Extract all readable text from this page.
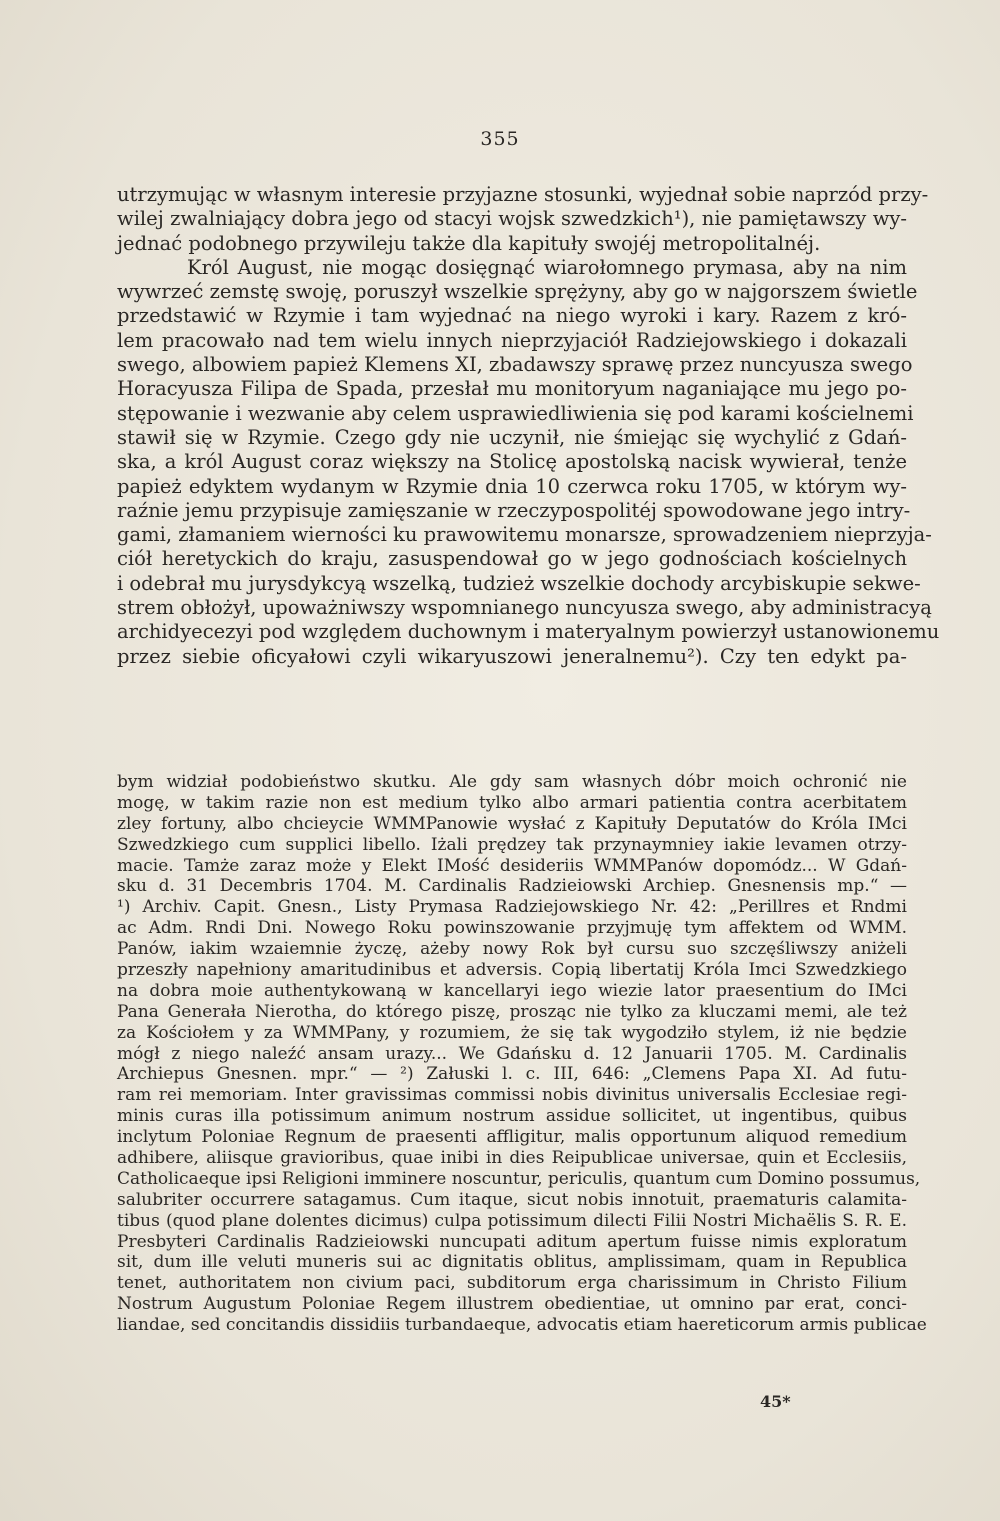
355
utrzymując w własnym interesie przyjazne stosunki, wyjednał sobie naprzód przy-
wilej zwalniający dobra jego od stacyi wojsk szwedzkich¹), nie pamiętawszy wy-
jednać podobnego przywileju także dla kapituły swojéj metropolitalnéj.
Król August, nie mogąc dosięgnąć wiarołomnego prymasa, aby na nim
wywrzeć zemstę swoję, poruszył wszelkie sprężyny, aby go w najgorszem świetle
przedstawić w Rzymie i tam wyjednać na niego wyroki i kary. Razem z kró-
lem pracowało nad tem wielu innych nieprzyjaciół Radziejowskiego i dokazali
swego, albowiem papież Klemens XI, zbadawszy sprawę przez nuncyusza swego
Horacyusza Filipa de Spada, przesłał mu monitoryum naganiające mu jego po-
stępowanie i wezwanie aby celem usprawiedliwienia się pod karami kościelnemi
stawił się w Rzymie. Czego gdy nie uczynił, nie śmiejąc się wychylić z Gdań-
ska, a król August coraz większy na Stolicę apostolską nacisk wywierał, tenże
papież edyktem wydanym w Rzymie dnia 10 czerwca roku 1705, w którym wy-
raźnie jemu przypisuje zamięszanie w rzeczypospolitéj spowodowane jego intry-
gami, złamaniem wierności ku prawowitemu monarsze, sprowadzeniem nieprzyja-
ciół heretyckich do kraju, zasuspendował go w jego godnościach kościelnych
i odebrał mu jurysdykcyą wszelką, tudzież wszelkie dochody arcybiskupie sekwe-
strem obłożył, upoważniwszy wspomnianego nuncyusza swego, aby administracyą
archidyecezyi pod względem duchownym i materyalnym powierzył ustanowionemu
przez siebie oficyałowi czyli wikaryuszowi jeneralnemu²). Czy ten edykt pa-
bym widział podobieństwo skutku. Ale gdy sam własnych dóbr moich ochronić nie
mogę, w takim razie non est medium tylko albo armari patientia contra acerbitatem
zley fortuny, albo chcieycie WMMPanowie wysłać z Kapituły Deputatów do Króla IMci
Szwedzkiego cum supplici libello. Iżali prędzey tak przynaymniey iakie levamen otrzy-
macie. Tamże zaraz może y Elekt IMość desideriis WMMPanów dopomódz... W Gdań-
sku d. 31 Decembris 1704. M. Cardinalis Radzieiowski Archiep. Gnesnensis mp.“ —
¹) Archiv. Capit. Gnesn., Listy Prymasa Radziejowskiego Nr. 42: „Perillres et Rndmi
ac Adm. Rndi Dni. Nowego Roku powinszowanie przyjmuję tym affektem od WMM.
Panów, iakim wzaiemnie życzę, ażeby nowy Rok był cursu suo szczęśliwszy aniżeli
przeszły napełniony amaritudinibus et adversis. Copią libertatij Króla Imci Szwedzkiego
na dobra moie authentykowaną w kancellaryi iego wiezie lator praesentium do IMci
Pana Generała Nierotha, do którego piszę, prosząc nie tylko za kluczami memi, ale też
za Kościołem y za WMMPany, y rozumiem, że się tak wygodziło stylem, iż nie będzie
mógł z niego naleźć ansam urazy... We Gdańsku d. 12 Januarii 1705. M. Cardinalis
Archiepus Gnesnen. mpr.“ — ²) Załuski l. c. III, 646: „Clemens Papa XI. Ad futu-
ram rei memoriam. Inter gravissimas commissi nobis divinitus universalis Ecclesiae regi-
minis curas illa potissimum animum nostrum assidue sollicitet, ut ingentibus, quibus
inclytum Poloniae Regnum de praesenti affligitur, malis opportunum aliquod remedium
adhibere, aliisque gravioribus, quae inibi in dies Reipublicae universae, quin et Ecclesiis,
Catholicaeque ipsi Religioni imminere noscuntur, periculis, quantum cum Domino possumus,
salubriter occurrere satagamus. Cum itaque, sicut nobis innotuit, praematuris calamita-
tibus (quod plane dolentes dicimus) culpa potissimum dilecti Filii Nostri Michaëlis S. R. E.
Presbyteri Cardinalis Radzieiowski nuncupati aditum apertum fuisse nimis exploratum
sit, dum ille veluti muneris sui ac dignitatis oblitus, amplissimam, quam in Republica
tenet, authoritatem non civium paci, subditorum erga charissimum in Christo Filium
Nostrum Augustum Poloniae Regem illustrem obedientiae, ut omnino par erat, conci-
liandae, sed concitandis dissidiis turbandaeque, advocatis etiam haereticorum armis publicae
45*
